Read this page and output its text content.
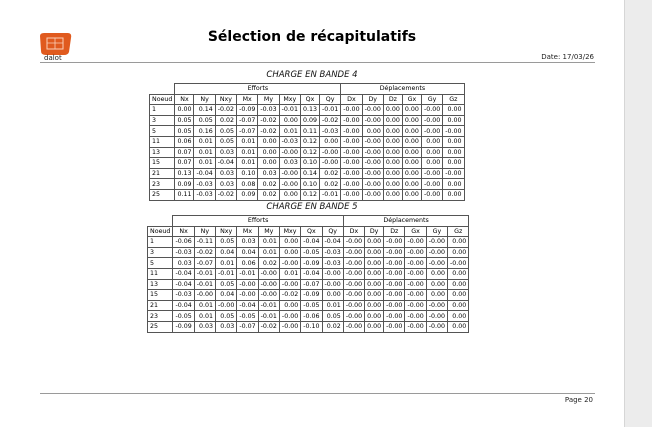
dalot
Sélection de récapitulatifs
Date: 17/03/26
CHARGE EN BANDE 4
	Efforts								Déplacements					
Noeud	Nx	Ny	Nxy	Mx	My	Mxy	Qx	Qy	Dx	Dy	Dz	Gx	Gy	Gz
1	0.00	0.14	-0.02	-0.09	-0.03	-0.01	0.13	-0.01	-0.00	-0.00	0.00	0.00	-0.00	0.00
3	0.05	0.05	0.02	-0.07	-0.02	0.00	0.09	-0.02	-0.00	-0.00	0.00	0.00	-0.00	0.00
5	0.05	0.16	0.05	-0.07	-0.02	0.01	0.11	-0.03	-0.00	0.00	0.00	0.00	-0.00	-0.00
11	0.06	0.01	0.05	0.01	0.00	-0.03	0.12	0.00	-0.00	-0.00	0.00	0.00	0.00	0.00
13	0.07	0.01	0.03	0.01	0.00	-0.00	0.12	-0.00	-0.00	-0.00	0.00	0.00	0.00	0.00
15	0.07	0.01	-0.04	0.01	0.00	0.03	0.10	-0.00	-0.00	-0.00	0.00	0.00	0.00	0.00
21	0.13	-0.04	0.03	0.10	0.03	-0.00	0.14	0.02	-0.00	-0.00	0.00	0.00	-0.00	-0.00
23	0.09	-0.03	0.03	0.08	0.02	-0.00	0.10	0.02	-0.00	-0.00	0.00	0.00	-0.00	0.00
25	0.11	-0.03	-0.02	0.09	0.02	0.00	0.12	-0.01	-0.00	-0.00	0.00	0.00	-0.00	0.00
CHARGE EN BANDE 5
	Efforts								Déplacements					
Noeud	Nx	Ny	Nxy	Mx	My	Mxy	Qx	Qy	Dx	Dy	Dz	Gx	Gy	Gz
1	-0.06	-0.11	0.05	0.03	0.01	0.00	-0.04	-0.04	-0.00	0.00	-0.00	-0.00	-0.00	0.00
3	-0.03	-0.02	0.04	0.04	0.01	0.00	-0.05	-0.03	-0.00	0.00	-0.00	-0.00	-0.00	0.00
5	0.03	-0.07	0.01	0.06	0.02	-0.00	-0.09	-0.03	-0.00	0.00	-0.00	-0.00	-0.00	-0.00
11	-0.04	-0.01	-0.01	-0.01	-0.00	0.01	-0.04	-0.00	-0.00	0.00	-0.00	-0.00	0.00	0.00
13	-0.04	-0.01	0.05	-0.00	-0.00	-0.00	-0.07	-0.00	-0.00	0.00	-0.00	-0.00	0.00	0.00
15	-0.03	-0.00	0.04	-0.00	-0.00	-0.02	-0.09	0.00	-0.00	0.00	-0.00	-0.00	0.00	0.00
21	-0.04	0.01	-0.00	-0.04	-0.01	0.00	-0.05	0.01	-0.00	0.00	-0.00	-0.00	-0.00	0.00
23	-0.05	0.01	0.05	-0.05	-0.01	-0.00	-0.06	0.05	-0.00	0.00	-0.00	-0.00	-0.00	0.00
25	-0.09	0.03	0.03	-0.07	-0.02	-0.00	-0.10	0.02	-0.00	0.00	-0.00	-0.00	-0.00	0.00
Page 20
